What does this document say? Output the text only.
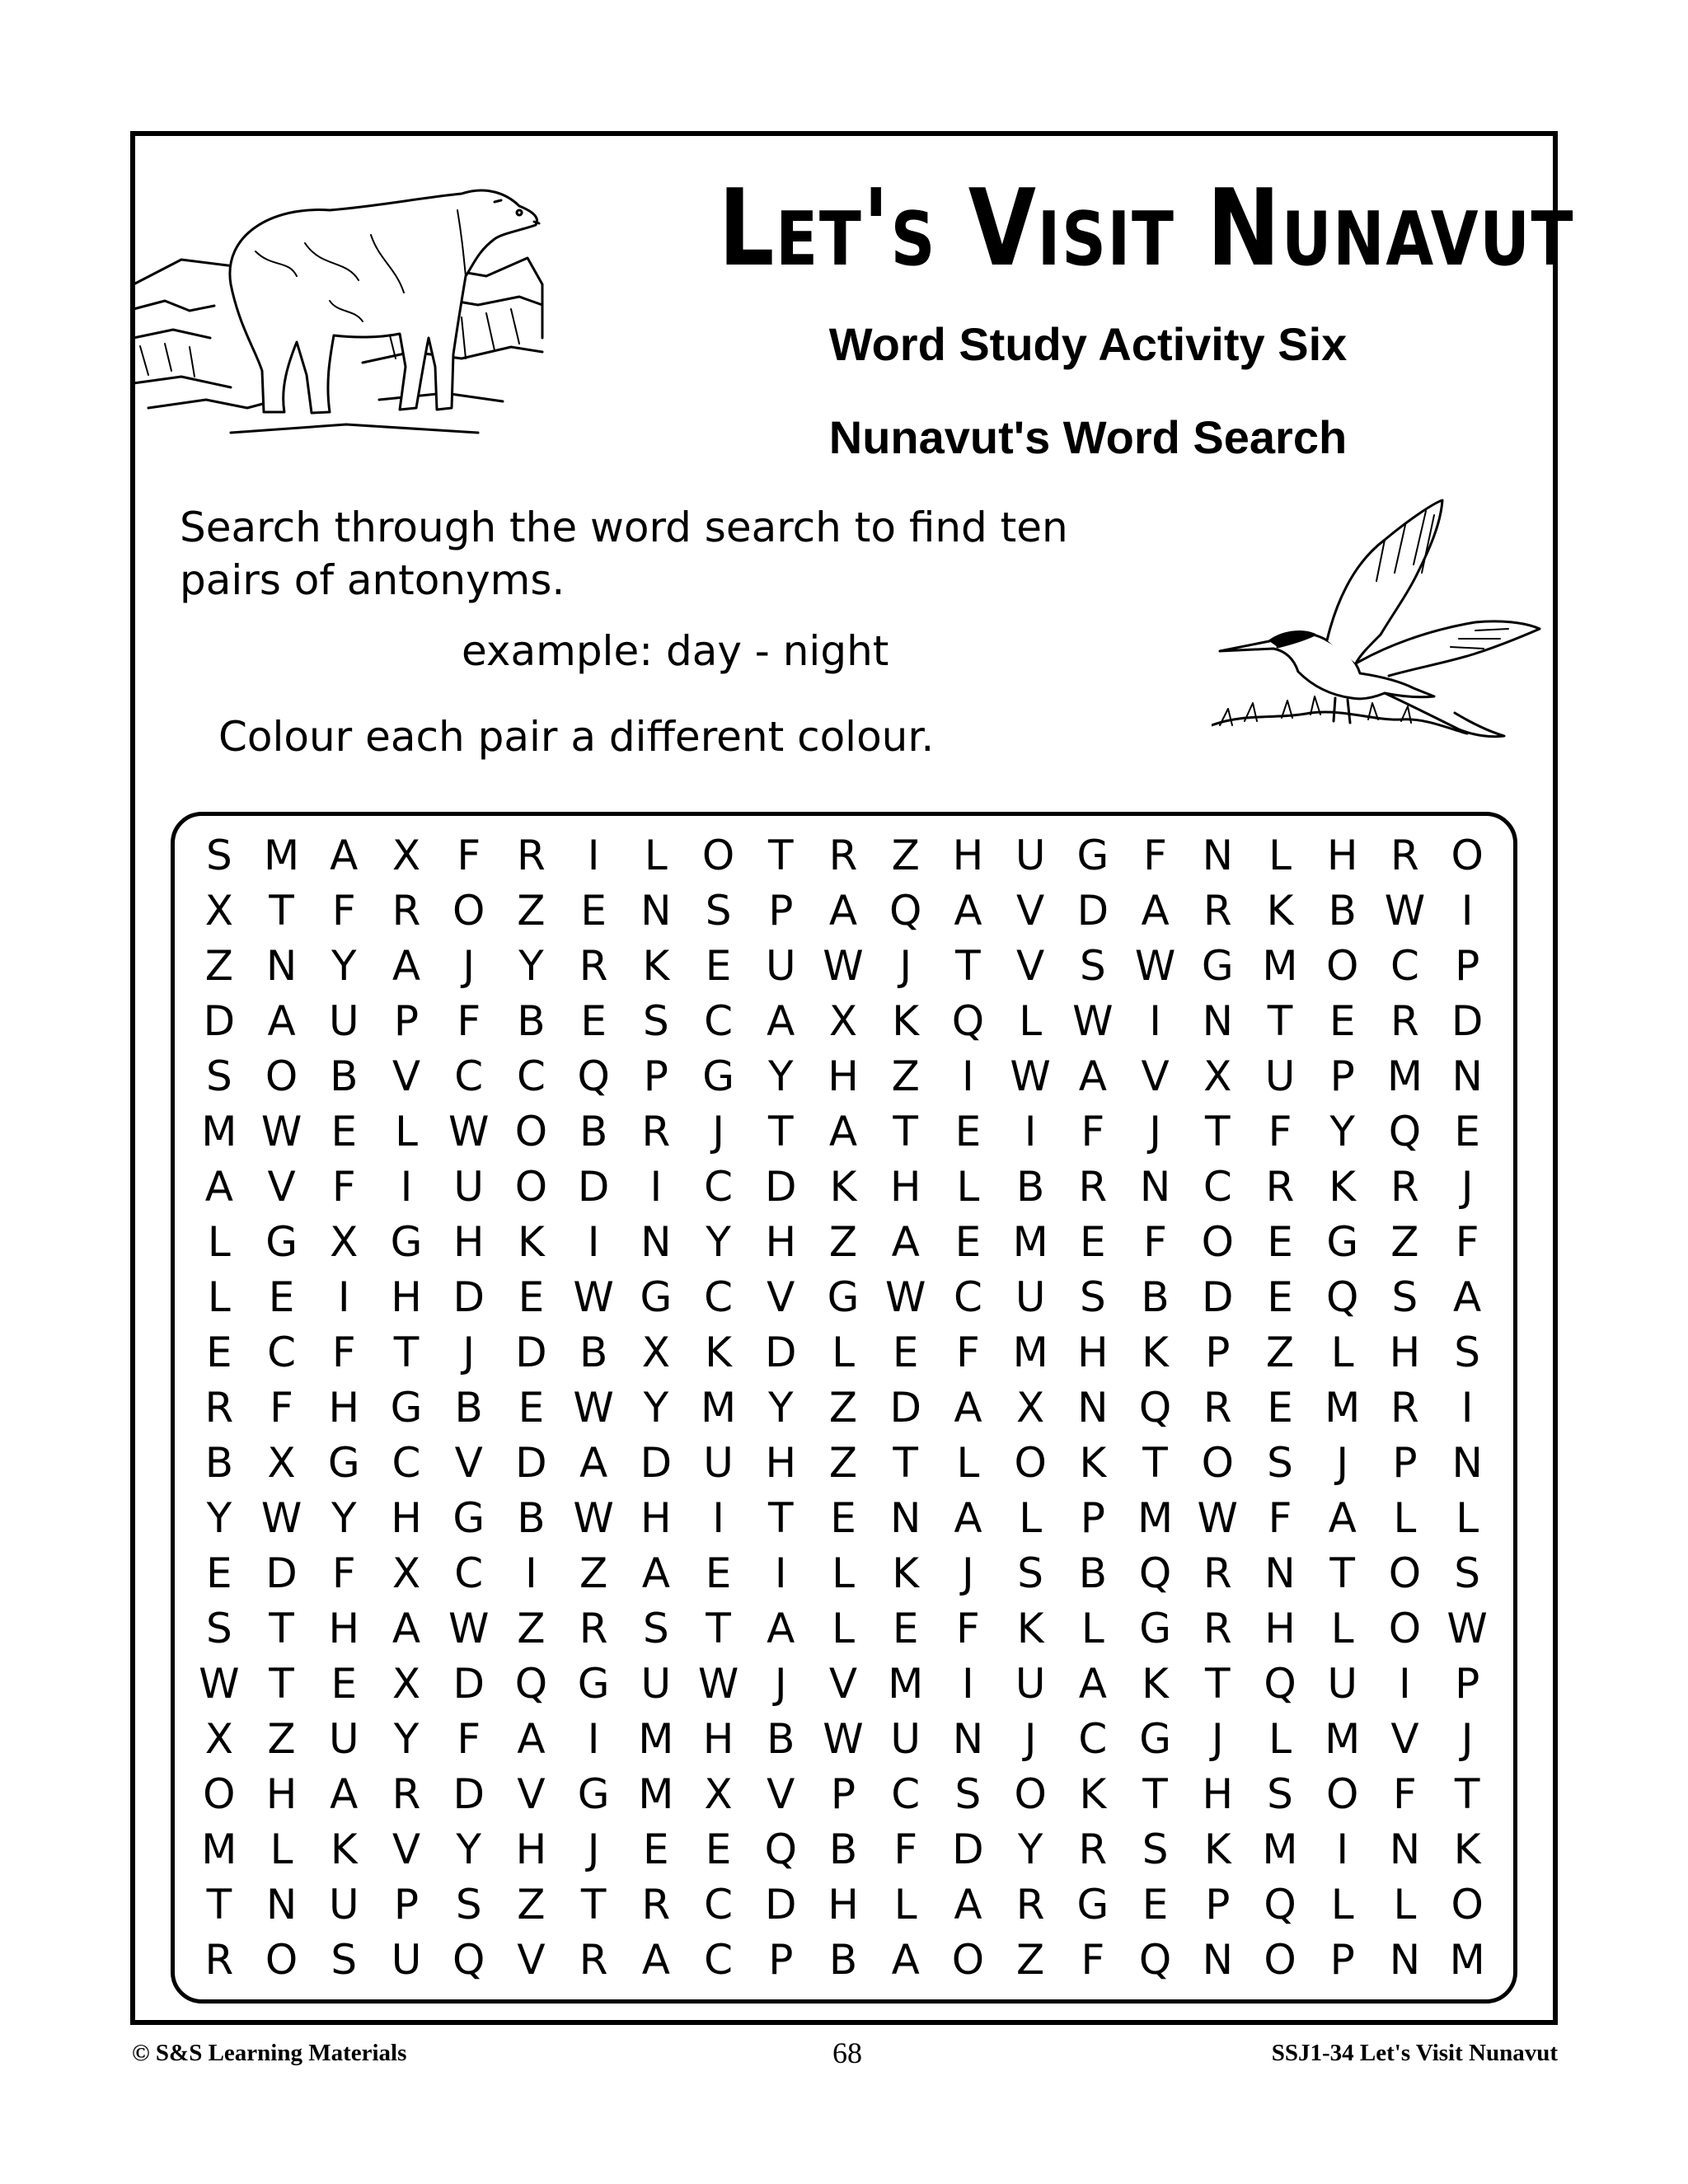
Let's Visit Nunavut
Word Study Activity Six
Nunavut's Word Search
Search through the word search to find ten
pairs of antonyms.
example: day - night
Colour each pair a different colour.
S M A X F R	I	L O T R Z H U G F N L H R O
X T F R O Z E N S P A Q A V D A R K B W I
Z N Y A	J	Y R K E U W J	T V S W G M O C P
D A U P F B E S C A X K Q L W I N T E R D
S O B V C C Q P G Y H Z	I W A V X U P M N
M W E L W O B R	J	T A T E	I	F	J	T F Y Q E
A V F	I	U O D I	C D K H L B R N C R K R	J
L G X G H K	I N Y H Z A E M E F O E G Z F
L E	I H D E W G C V G W C U S B D E Q S A
E C F T	J D B X K D L E F M H K P Z L H S
R F H G B E W Y M Y Z D A X N Q R E M R	I
B X G C V D A D U H Z T L O K T O S	J	P N
Y W Y H G B W H I	T E N A L P M W F A L L
E D F X C	I	Z A E	I	L K	J	S B Q R N T O S
S T H A W Z R S T A L E F K L G R H L O W
W T E X D Q G U W J	V M I	U A K T Q U	I	P
X Z U Y F A	I M H B W U N J	C G J	L M V	J
O H A R D V G M X V P C S O K T H S O F T
M L K V Y H J	E E Q B F D Y R S K M I N K
T N U P S Z T R C D H L A R G E P Q L L O
R O S U Q V R A C P B A O Z F Q N O P N M
© S&S Learning Materials	68	SSJ1-34 Let's Visit Nunavut
